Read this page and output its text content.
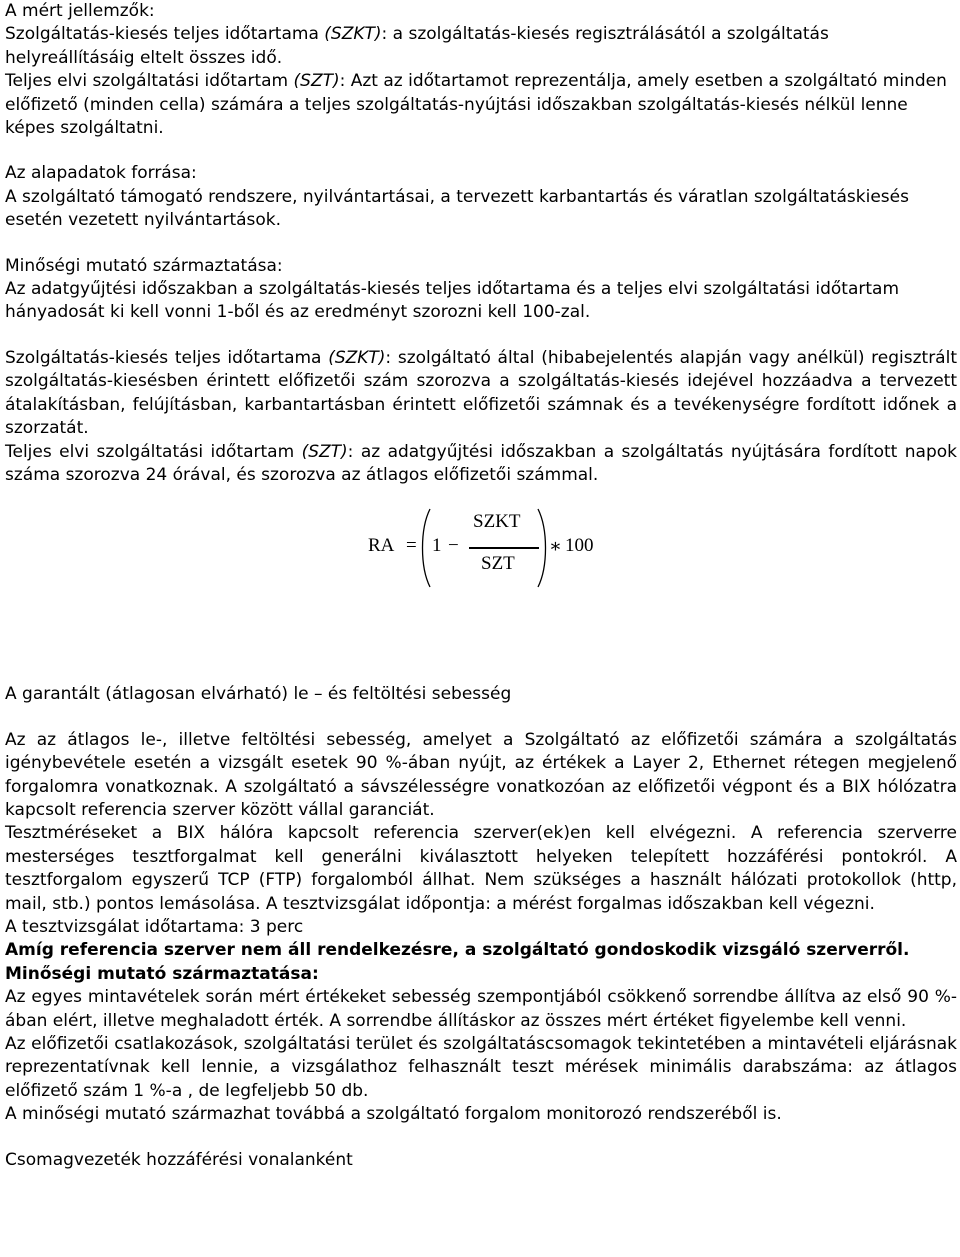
A mért jellemzők:

Szolgáltatás-kiesés teljes időtartama (SZKT): a szolgáltatás-kiesés regisztrálásától a szolgáltatás helyreállításáig eltelt összes idő.

Teljes elvi szolgáltatási időtartam (SZT): Azt az időtartamot reprezentálja, amely esetben a szolgáltató minden előfizető (minden cella) számára a teljes szolgáltatás-nyújtási időszakban szolgáltatás-kiesés nélkül lenne képes szolgáltatni.

Az alapadatok forrása:

A szolgáltató támogató rendszere, nyilvántartásai, a tervezett karbantartás és váratlan szolgáltatáskiesés esetén vezetett nyilvántartások.

Minőségi mutató származtatása:

Az adatgyűjtési időszakban a szolgáltatás-kiesés teljes időtartama és a teljes elvi szolgáltatási időtartam hányadosát ki kell vonni 1-ből és az eredményt szorozni kell 100-zal.

Szolgáltatás-kiesés teljes időtartama (SZKT): szolgáltató által (hibabejelentés alapján vagy anélkül) regisztrált szolgáltatás-kiesésben érintett előfizetői szám szorozva a szolgáltatás-kiesés idejével hozzáadva a tervezett átalakításban, felújításban, karbantartásban érintett előfizetői számnak és a tevékenységre fordított időnek a szorzatát.

Teljes elvi szolgáltatási időtartam (SZT): az adatgyűjtési időszakban a szolgáltatás nyújtására fordított napok száma szorozva 24 órával, és szorozva az átlagos előfizetői számmal.

RA = 1 −
SZKT
SZT
∗ 100

A garantált (átlagosan elvárható) le – és feltöltési sebesség

Az az átlagos le-, illetve feltöltési sebesség, amelyet a Szolgáltató az előfizetői számára a szolgáltatás igénybevétele esetén a vizsgált esetek 90 %-ában nyújt, az értékek a Layer 2, Ethernet rétegen megjelenő forgalomra vonatkoznak. A szolgáltató a sávszélességre vonatkozóan az előfizetői végpont és a BIX hólózatra kapcsolt referencia szerver között vállal garanciát.

Tesztméréseket a BIX hálóra kapcsolt referencia szerver(ek)en kell elvégezni. A referencia szerverre mesterséges tesztforgalmat kell generálni kiválasztott helyeken telepített hozzáférési pontokról. A tesztforgalom egyszerű TCP (FTP) forgalomból állhat. Nem szükséges a használt hálózati protokollok (http, mail, stb.) pontos lemásolása. A tesztvizsgálat időpontja: a mérést forgalmas időszakban kell végezni.

A tesztvizsgálat időtartama: 3 perc

Amíg referencia szerver nem áll rendelkezésre, a szolgáltató gondoskodik vizsgáló szerverről.

Minőségi mutató származtatása:

Az egyes mintavételek során mért értékeket sebesség szempontjából csökkenő sorrendbe állítva az első 90 %-ában elért, illetve meghaladott érték. A sorrendbe állításkor az összes mért értéket figyelembe kell venni.

Az előfizetői csatlakozások, szolgáltatási terület és szolgáltatáscsomagok tekintetében a mintavételi eljárásnak reprezentatívnak kell lennie, a vizsgálathoz felhasznált teszt mérések minimális darabszáma: az átlagos előfizető szám 1 %-a , de legfeljebb 50 db.

A minőségi mutató származhat továbbá a szolgáltató forgalom monitorozó rendszeréből is.

Csomagvezeték hozzáférési vonalanként
